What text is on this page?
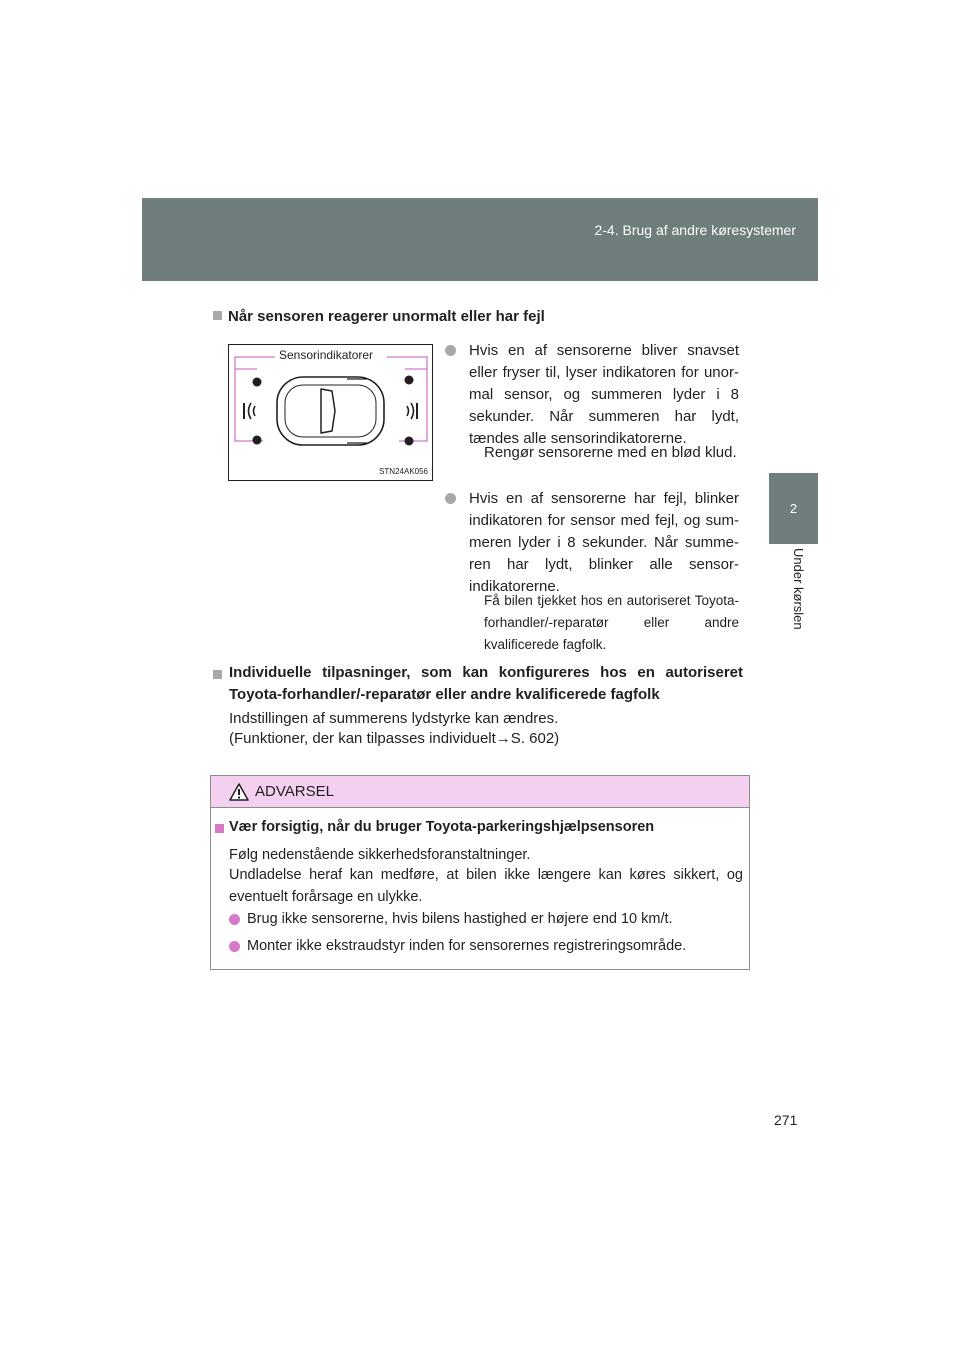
2-4. Brug af andre køresystemer
2
Under kørslen
Når sensoren reagerer unormalt eller har fejl
Sensorindikatorer
STN24AK056
Hvis en af sensorerne bliver snavset eller fryser til, lyser indikatoren for unor-mal sensor, og summeren lyder i 8 sekunder. Når summeren har lydt, tændes alle sensorindikatorerne.
Rengør sensorerne med en blød klud.
Hvis en af sensorerne har fejl, blinker indikatoren for sensor med fejl, og sum-meren lyder i 8 sekunder. Når summe-ren har lydt, blinker alle sensor-indikatorerne.
Få bilen tjekket hos en autoriseret Toyota-forhandler/-reparatør eller andre kvalificerede fagfolk.
Individuelle tilpasninger, som kan konfigureres hos en autoriseret Toyota-forhandler/-reparatør eller andre kvalificerede fagfolk
Indstillingen af summerens lydstyrke kan ændres.
(Funktioner, der kan tilpasses individuelt→S. 602)
ADVARSEL
Vær forsigtig, når du bruger Toyota-parkeringshjælpsensoren
Følg nedenstående sikkerhedsforanstaltninger.
Undladelse heraf kan medføre, at bilen ikke længere kan køres sikkert, og eventuelt forårsage en ulykke.
Brug ikke sensorerne, hvis bilens hastighed er højere end 10 km/t.
Monter ikke ekstraudstyr inden for sensorernes registreringsområde.
271
